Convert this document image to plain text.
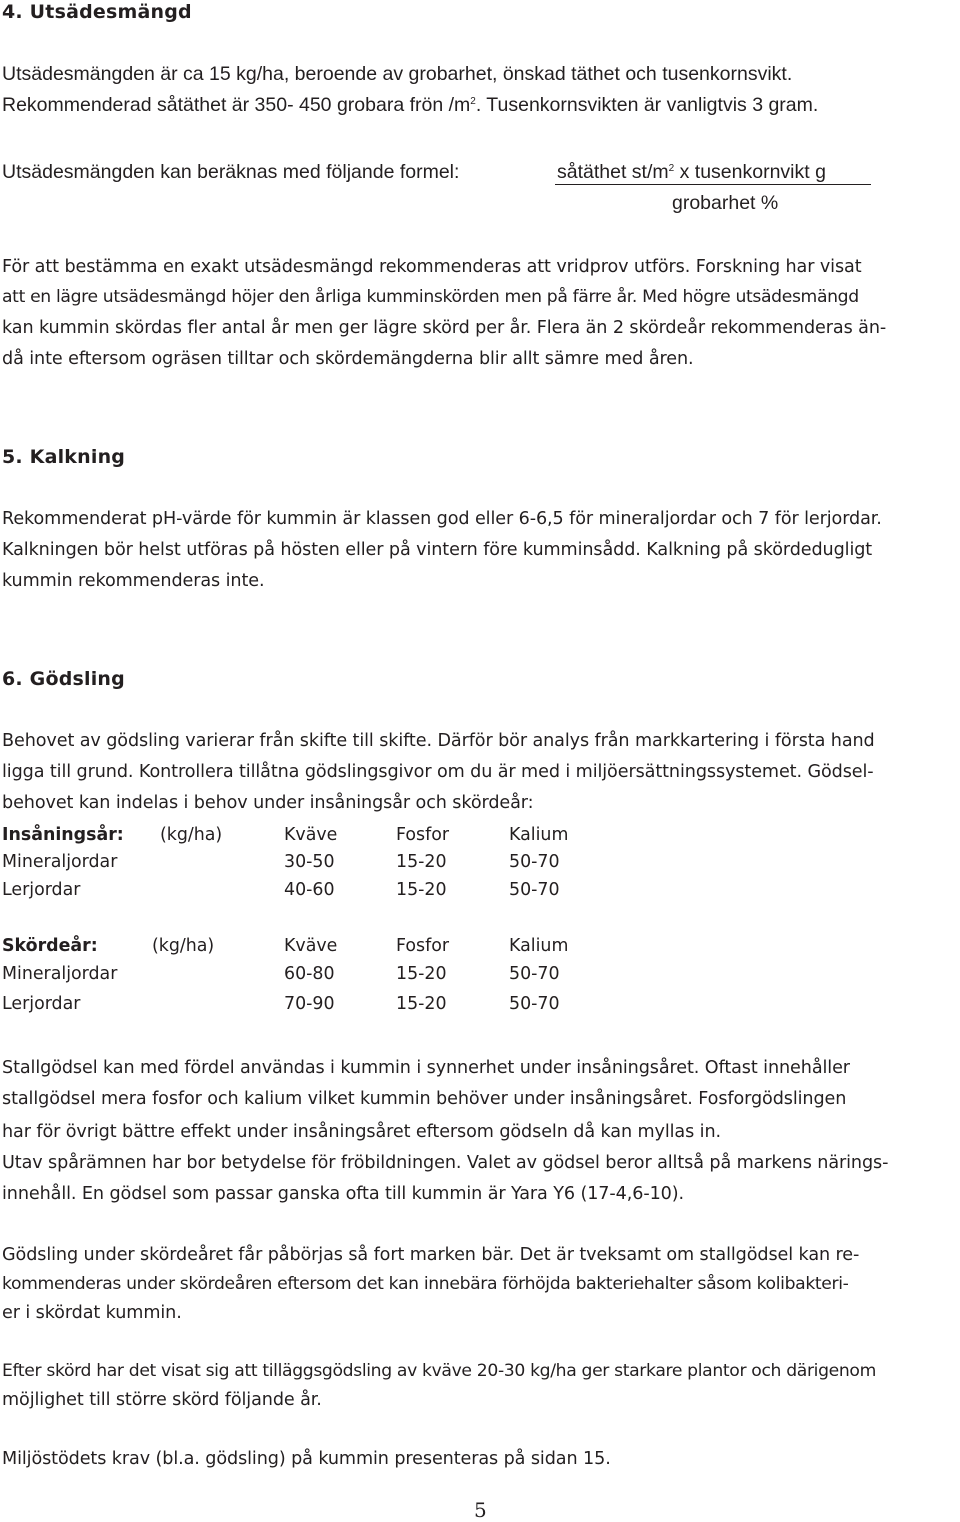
4. Utsädesmängd
Utsädesmängden är ca 15 kg/ha, beroende av grobarhet, önskad täthet och tusenkornsvikt.
Rekommenderad såtäthet är 350- 450 grobara frön $/m^2$. Tusenkornsvikten är vanligtvis 3 gram.
Utsädesmängden kan beräknas med följande formel:	såtäthet $st/m^2$ x tusenkornvikt g
grobarhet %
För att bestämma en exakt utsädesmängd rekommenderas att vridprov utförs. Forskning har visat
att en lägre utsädesmängd höjer den årliga kumminskörden men på färre år. Med högre utsädesmängd
kan kummin skördas fler antal år men ger lägre skörd per år. Flera än 2 skördeår rekommenderas än-
då inte eftersom ogräsen tilltar och skördemängderna blir allt sämre med åren.
5. Kalkning
Rekommenderat pH-värde för kummin är klassen god eller 6-6,5 för mineraljordar och 7 för lerjordar.
Kalkningen bör helst utföras på hösten eller på vintern före kumminsådd. Kalkning på skördedugligt
kummin rekommenderas inte.
6. Gödsling
Behovet av gödsling varierar från skifte till skifte. Därför bör analys från markkartering i första hand
ligga till grund. Kontrollera tillåtna gödslingsgivor om du är med i miljöersättningssystemet. Gödsel-
behovet kan indelas i behov under insåningsår och skördeår:
Insåningsår: (kg/ha)	Kväve	Fosfor	Kalium
Mineraljordar	30-50	15-20	50-70
Lerjordar	40-60	15-20	50-70
Skördeår:	(kg/ha)	Kväve	Fosfor	Kalium
Mineraljordar	60-80	15-20	50-70
Lerjordar	70-90	15-20	50-70
Stallgödsel kan med fördel användas i kummin i synnerhet under insåningsåret. Oftast innehåller
stallgödsel mera fosfor och kalium vilket kummin behöver under insåningsåret. Fosforgödslingen
har för övrigt bättre effekt under insåningsåret eftersom gödseln då kan myllas in.
Utav spårämnen har bor betydelse för fröbildningen. Valet av gödsel beror alltså på markens närings-
innehåll. En gödsel som passar ganska ofta till kummin är Yara Y6 (17-4,6-10).
Gödsling under skördeåret får påbörjas så fort marken bär. Det är tveksamt om stallgödsel kan re-
kommenderas under skördeåren eftersom det kan innebära förhöjda bakteriehalter såsom kolibakteri-
er i skördat kummin.
Efter skörd har det visat sig att tilläggsgödsling av kväve 20-30 kg/ha ger starkare plantor och därigenom
möjlighet till större skörd följande år.
Miljöstödets krav (bl.a. gödsling) på kummin presenteras på sidan 15.
5
